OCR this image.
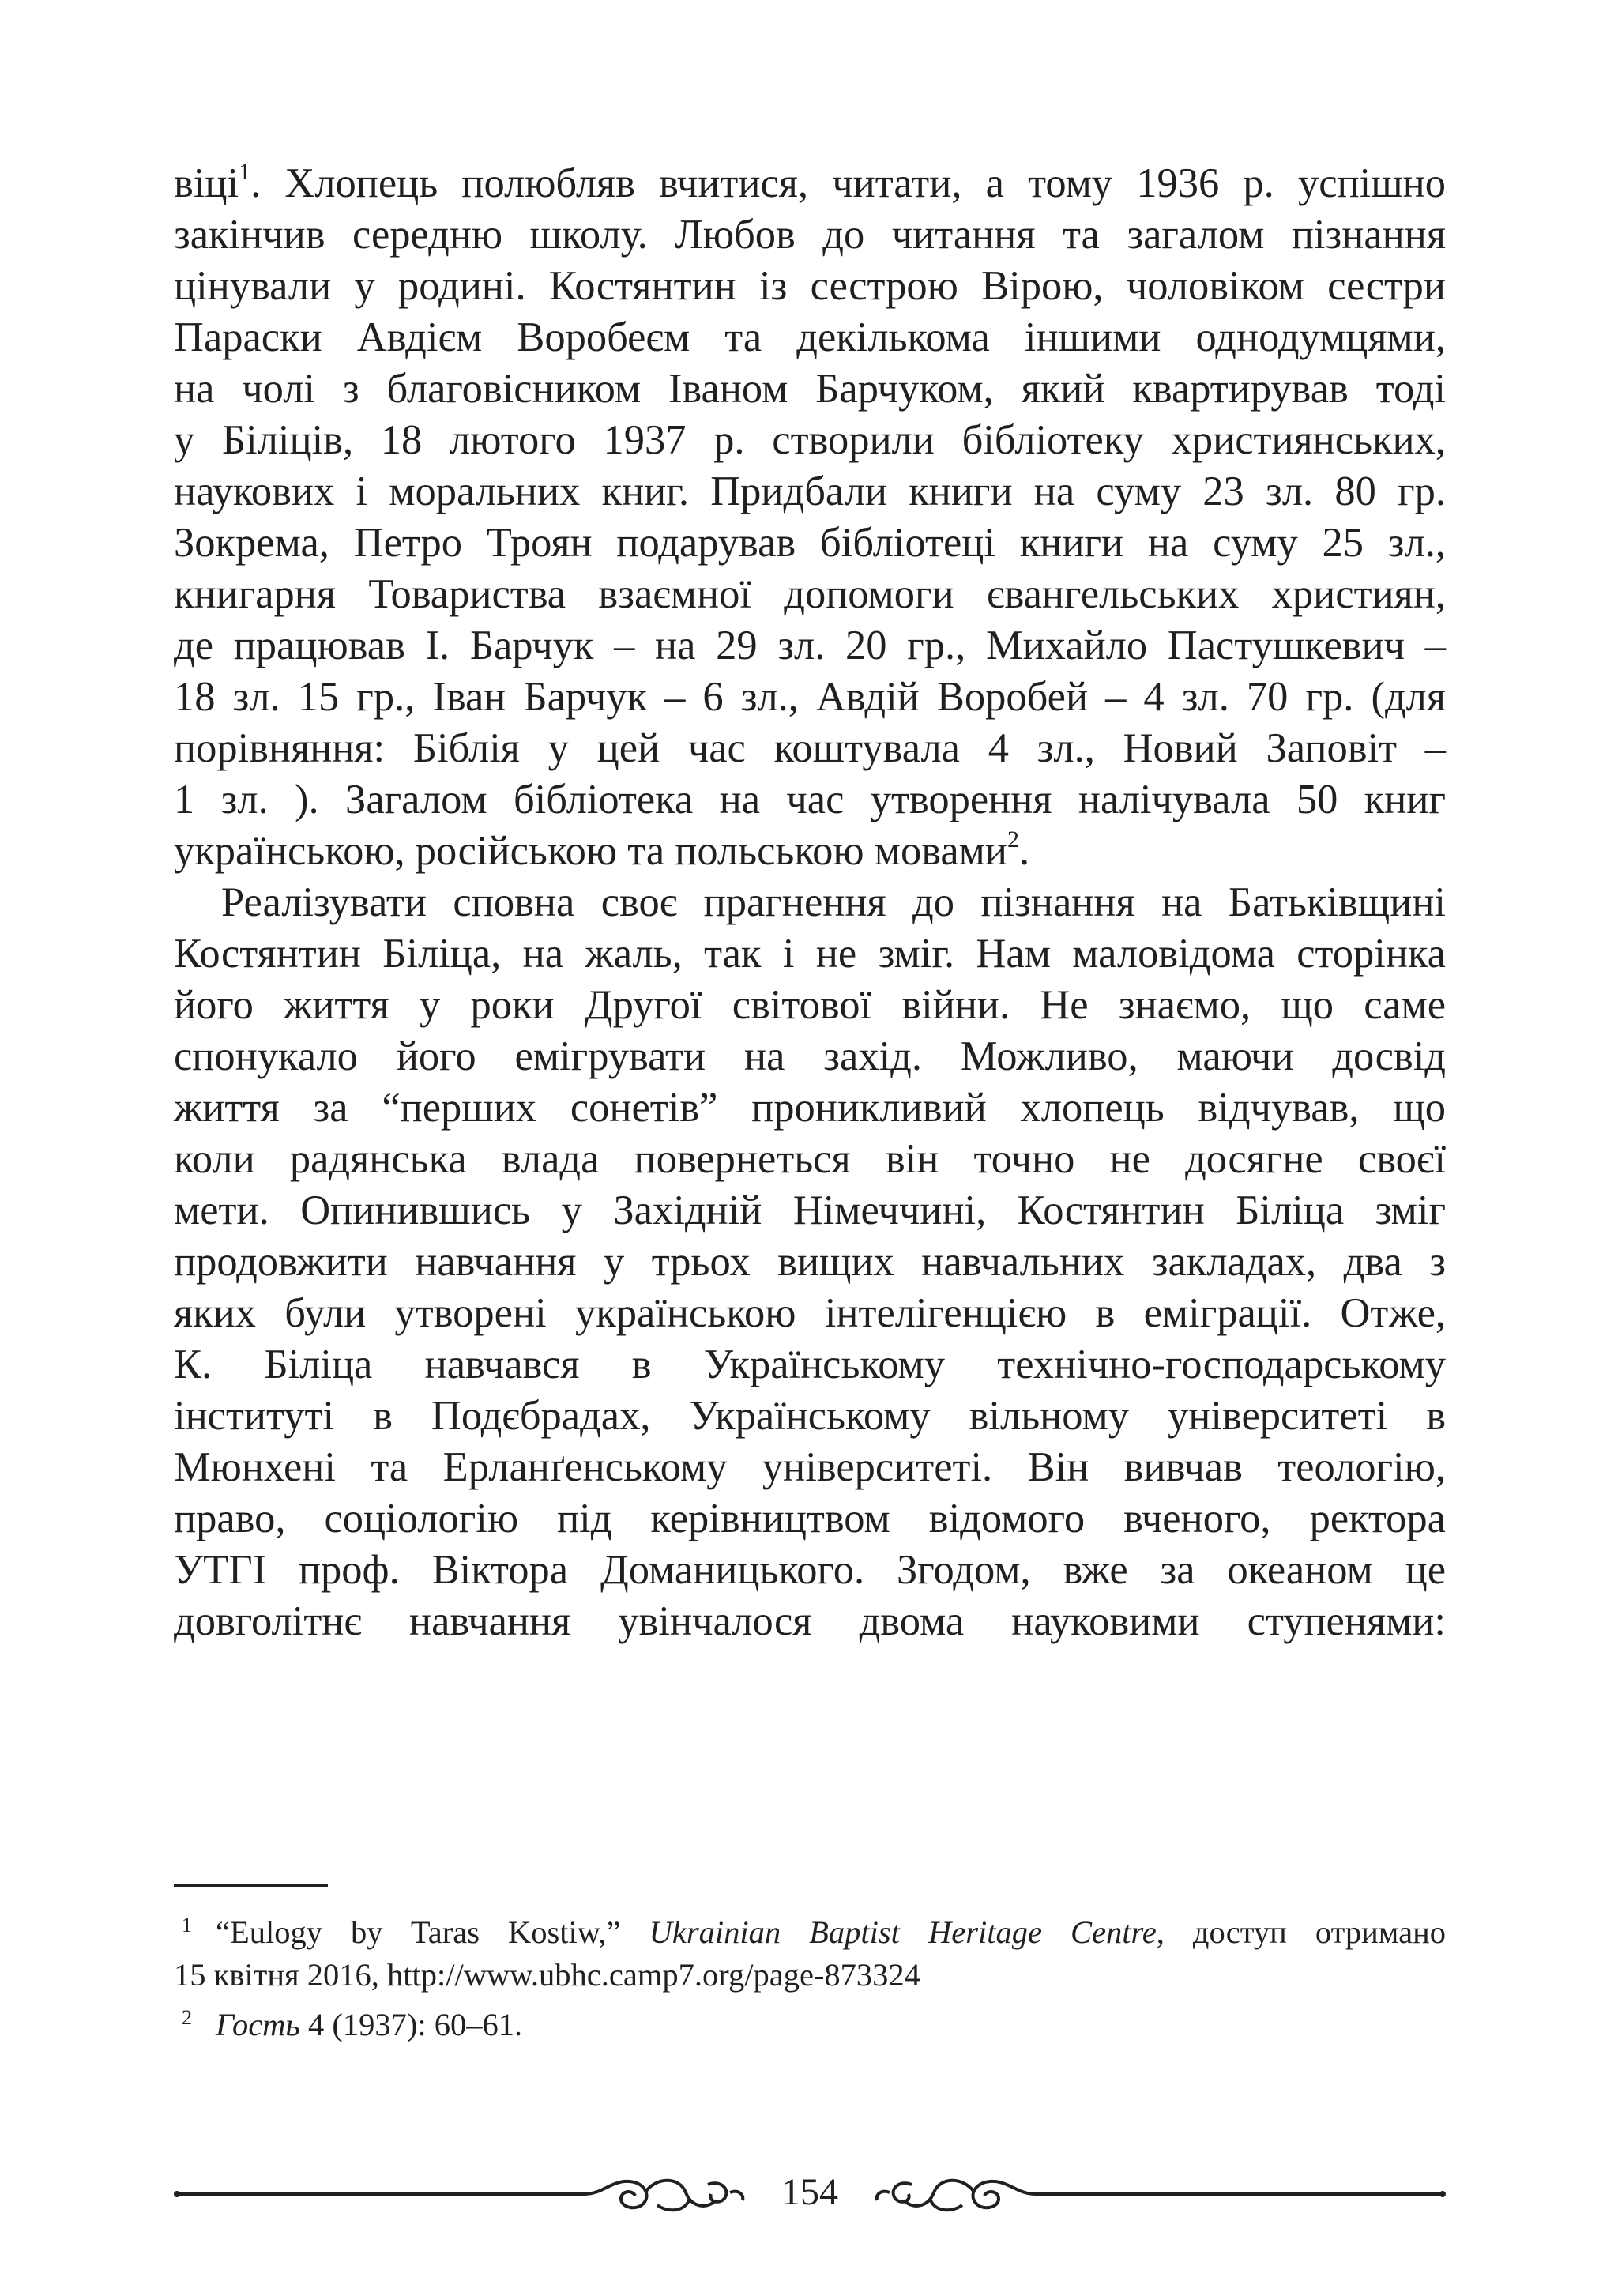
віці$^1$. Хлопець полюбляв вчитися, читати, а тому 1936 р. успішно
закінчив середню школу. Любов до читання та загалом пізнання
цінували у родині. Костянтин із сестрою Вірою, чоловіком сестри
Параски Авдієм Воробеєм та декількома іншими однодумцями,
на чолі з благовісником Іваном Барчуком, який квартирував тоді
у Біліців, 18 лютого 1937 р. створили бібліотеку християнських,
наукових і моральних книг. Придбали книги на суму 23 зл. 80 гр.
Зокрема, Петро Троян подарував бібліотеці книги на суму 25 зл.,
книгарня Товариства взаємної допомоги євангельських християн,
де працював І. Барчук – на 29 зл. 20 гр., Михайло Пастушкевич –
18 зл. 15 гр., Іван Барчук – 6 зл., Авдій Воробей – 4 зл. 70 гр. (для
порівняння: Біблія у цей час коштувала 4 зл., Новий Заповіт –
1 зл. ). Загалом бібліотека на час утворення налічувала 50 книг
українською, російською та польською мовами$^2$.
Реалізувати сповна своє прагнення до пізнання на Батьківщині
Костянтин Біліца, на жаль, так і не зміг. Нам маловідома сторінка
його життя у роки Другої світової війни. Не знаємо, що саме
спонукало його емігрувати на захід. Можливо, маючи досвід
життя за “перших сонетів” проникливий хлопець відчував, що
коли радянська влада повернеться він точно не досягне своєї
мети. Опинившись у Західній Німеччині, Костянтин Біліца зміг
продовжити навчання у трьох вищих навчальних закладах, два з
яких були утворені українською інтелігенцією в еміграції. Отже,
К. Біліца навчався в Українському технічно-господарському
інституті в Подєбрадах, Українському вільному університеті в
Мюнхені та Ерланґенському університеті. Він вивчав теологію,
право, соціологію під керівництвом відомого вченого, ректора
УТГІ проф. Віктора Доманицького. Згодом, вже за океаном це
довголітнє навчання увінчалося двома науковими ступенями:
$^1$ “Eulogy by Taras Kostiw,” Ukrainian Baptist Heritage Centre, доступ отримано
15 квітня 2016, http://www.ubhc.camp7.org/page-873324
$^2$ Гость 4 (1937): 60–61.
154
